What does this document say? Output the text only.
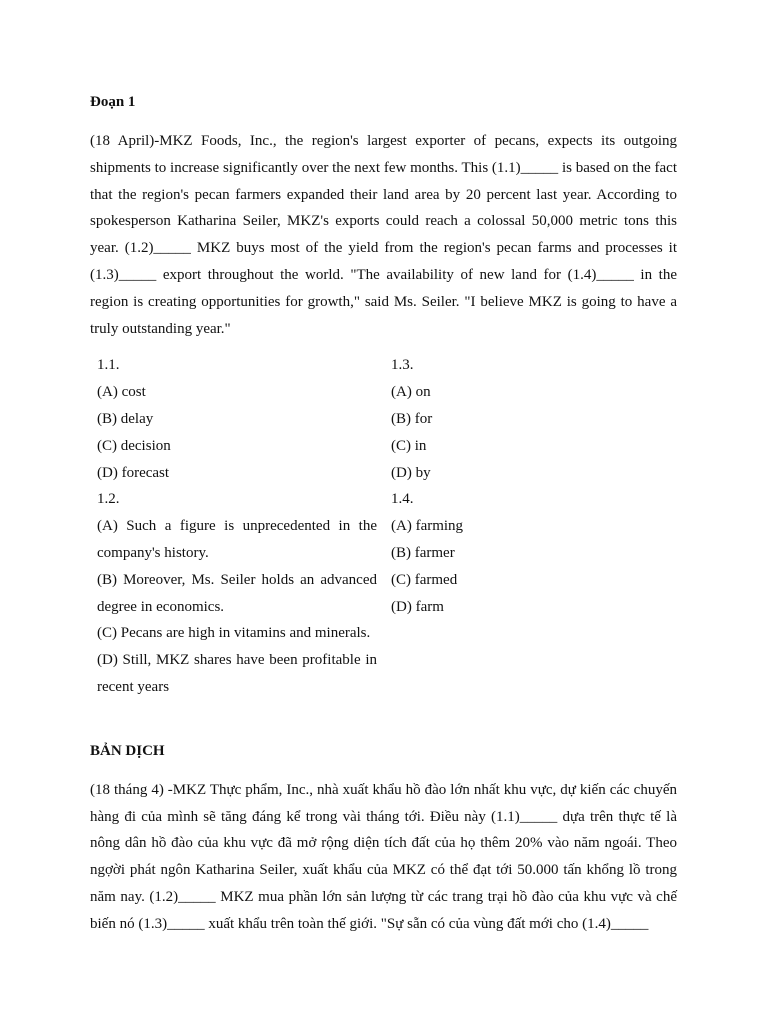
Đoạn 1

(18 April)-MKZ Foods, Inc., the region's largest exporter of pecans, expects its outgoing shipments to increase significantly over the next few months. This (1.1)_____ is based on the fact that the region's pecan farmers expanded their land area by 20 percent last year. According to spokesperson Katharina Seiler, MKZ's exports could reach a colossal 50,000 metric tons this year. (1.2)_____ MKZ buys most of the yield from the region's pecan farms and processes it (1.3)_____ export throughout the world. "The availability of new land for (1.4)_____ in the region is creating opportunities for growth," said Ms. Seiler. "I believe MKZ is going to have a truly outstanding year."

1.1.

(A) cost

(B) delay

(C) decision

(D) forecast

1.2.

(A) Such a figure is unprecedented in the company's history.

(B) Moreover, Ms. Seiler holds an advanced degree in economics.

(C) Pecans are high in vitamins and minerals.

(D) Still, MKZ shares have been profitable in recent years

1.3.

(A) on

(B) for

(C) in

(D) by

1.4.

(A) farming

(B) farmer

(C) farmed

(D) farm

BẢN DỊCH

(18 tháng 4) -MKZ Thực phẩm, Inc., nhà xuất khẩu hồ đào lớn nhất khu vực, dự kiến các chuyến hàng đi của mình sẽ tăng đáng kể trong vài tháng tới. Điều này (1.1)_____ dựa trên thực tế là nông dân hồ đào của khu vực đã mở rộng diện tích đất của họ thêm 20% vào năm ngoái. Theo ngợời phát ngôn Katharina Seiler, xuất khẩu của MKZ có thể đạt tới 50.000 tấn khổng lồ trong năm nay. (1.2)_____ MKZ mua phần lớn sản lượng từ các trang trại hồ đào của khu vực và chế biến nó (1.3)_____ xuất khẩu trên toàn thế giới. "Sự sẵn có của vùng đất mới cho (1.4)_____
